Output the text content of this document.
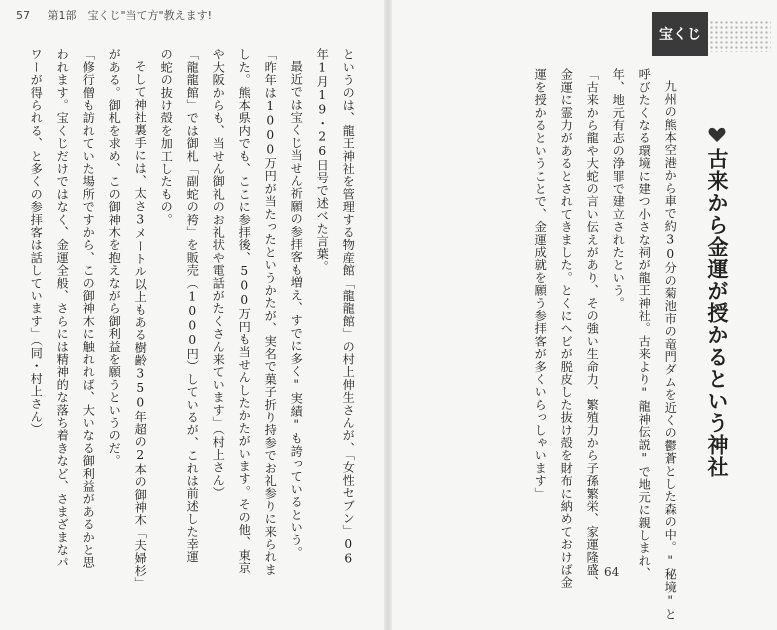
57 第1部　宝くじ"当て方"教えます!
というのは、龍王神社を管理する物産館「龍龍館」の村上伸生さんが、「女性セブン」06
年1月19・26日号で述べた言葉。
最近では宝くじ当せん祈願の参拝客も増え、すでに多く"実績"も誇っているという。
「昨年は1000万円が当たったというかたが、実名で菓子折り持参でお礼参りに来られま
した。熊本県内でも、ここに参拝後、500万円も当せんしたかたがいます。その他、東京
や大阪からも、当せん御礼のお礼状や電話がたくさん来ています」（村上さん）
「龍龍館」では御札「副蛇の袴」を販売（1000円）しているが、これは前述した幸運
の蛇の抜け殻を加工したもの。
そして神社裏手には、太さ3メートル以上もある樹齢350年超の2本の御神木「夫婦杉」
がある。御札を求め、この御神木を抱えながら御利益を願うというのだ。
「修行僧も訪れていた場所ですから、この御神木に触れれば、大いなる御利益があるかと思
われます。宝くじだけではなく、金運全般、さらには精神的な落ち着きなど、さまざまなパ
ワーが得られる、と多くの参拝客は話しています」（同・村上さん）
宝くじ
古来から金運が授かるという神社
九州の熊本空港から車で約30分の菊池市の竜門ダムを近くの鬱蒼とした森の中。"秘境"と
呼びたくなる環境に建つ小さな祠が龍王神社。古来より"龍神伝説"で地元に親しまれ、
年、地元有志の浄罪で建立されたという。
「古来から龍や大蛇の言い伝えがあり、その強い生命力、繁殖力から子孫繁栄、家運隆盛、
金運に霊力があるとされてきました。とくにヘビが脱皮した抜け殻を財布に納めておけば金
運を授かるということで、金運成就を願う参拝客が多くいらっしゃいます」
64
